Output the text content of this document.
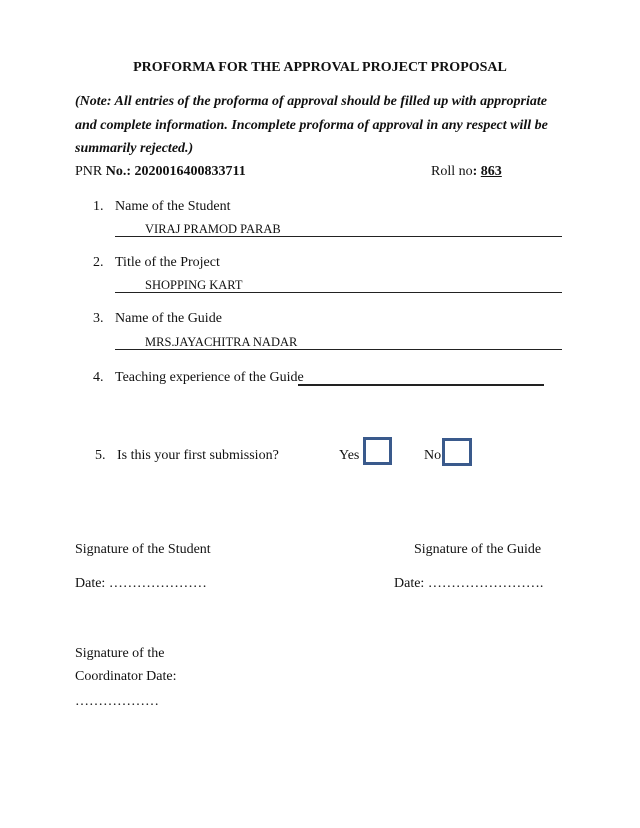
PROFORMA FOR THE APPROVAL PROJECT PROPOSAL
(Note: All entries of the proforma of approval should be filled up with appropriate
and complete information. Incomplete proforma of approval in any respect will be
summarily rejected.)
PNR No.: 2020016400833711	Roll no: 863
1. Name of the Student
VIRAJ PRAMOD PARAB
2. Title of the Project
SHOPPING KART
3. Name of the Guide
MRS.JAYACHITRA NADAR
4. Teaching experience of the Guide
5. Is this your first submission?	Yes	No
Signature of the Student	Signature of the Guide
Date: …………………	Date: …………………….
Signature of the
Coordinator Date:
………………
